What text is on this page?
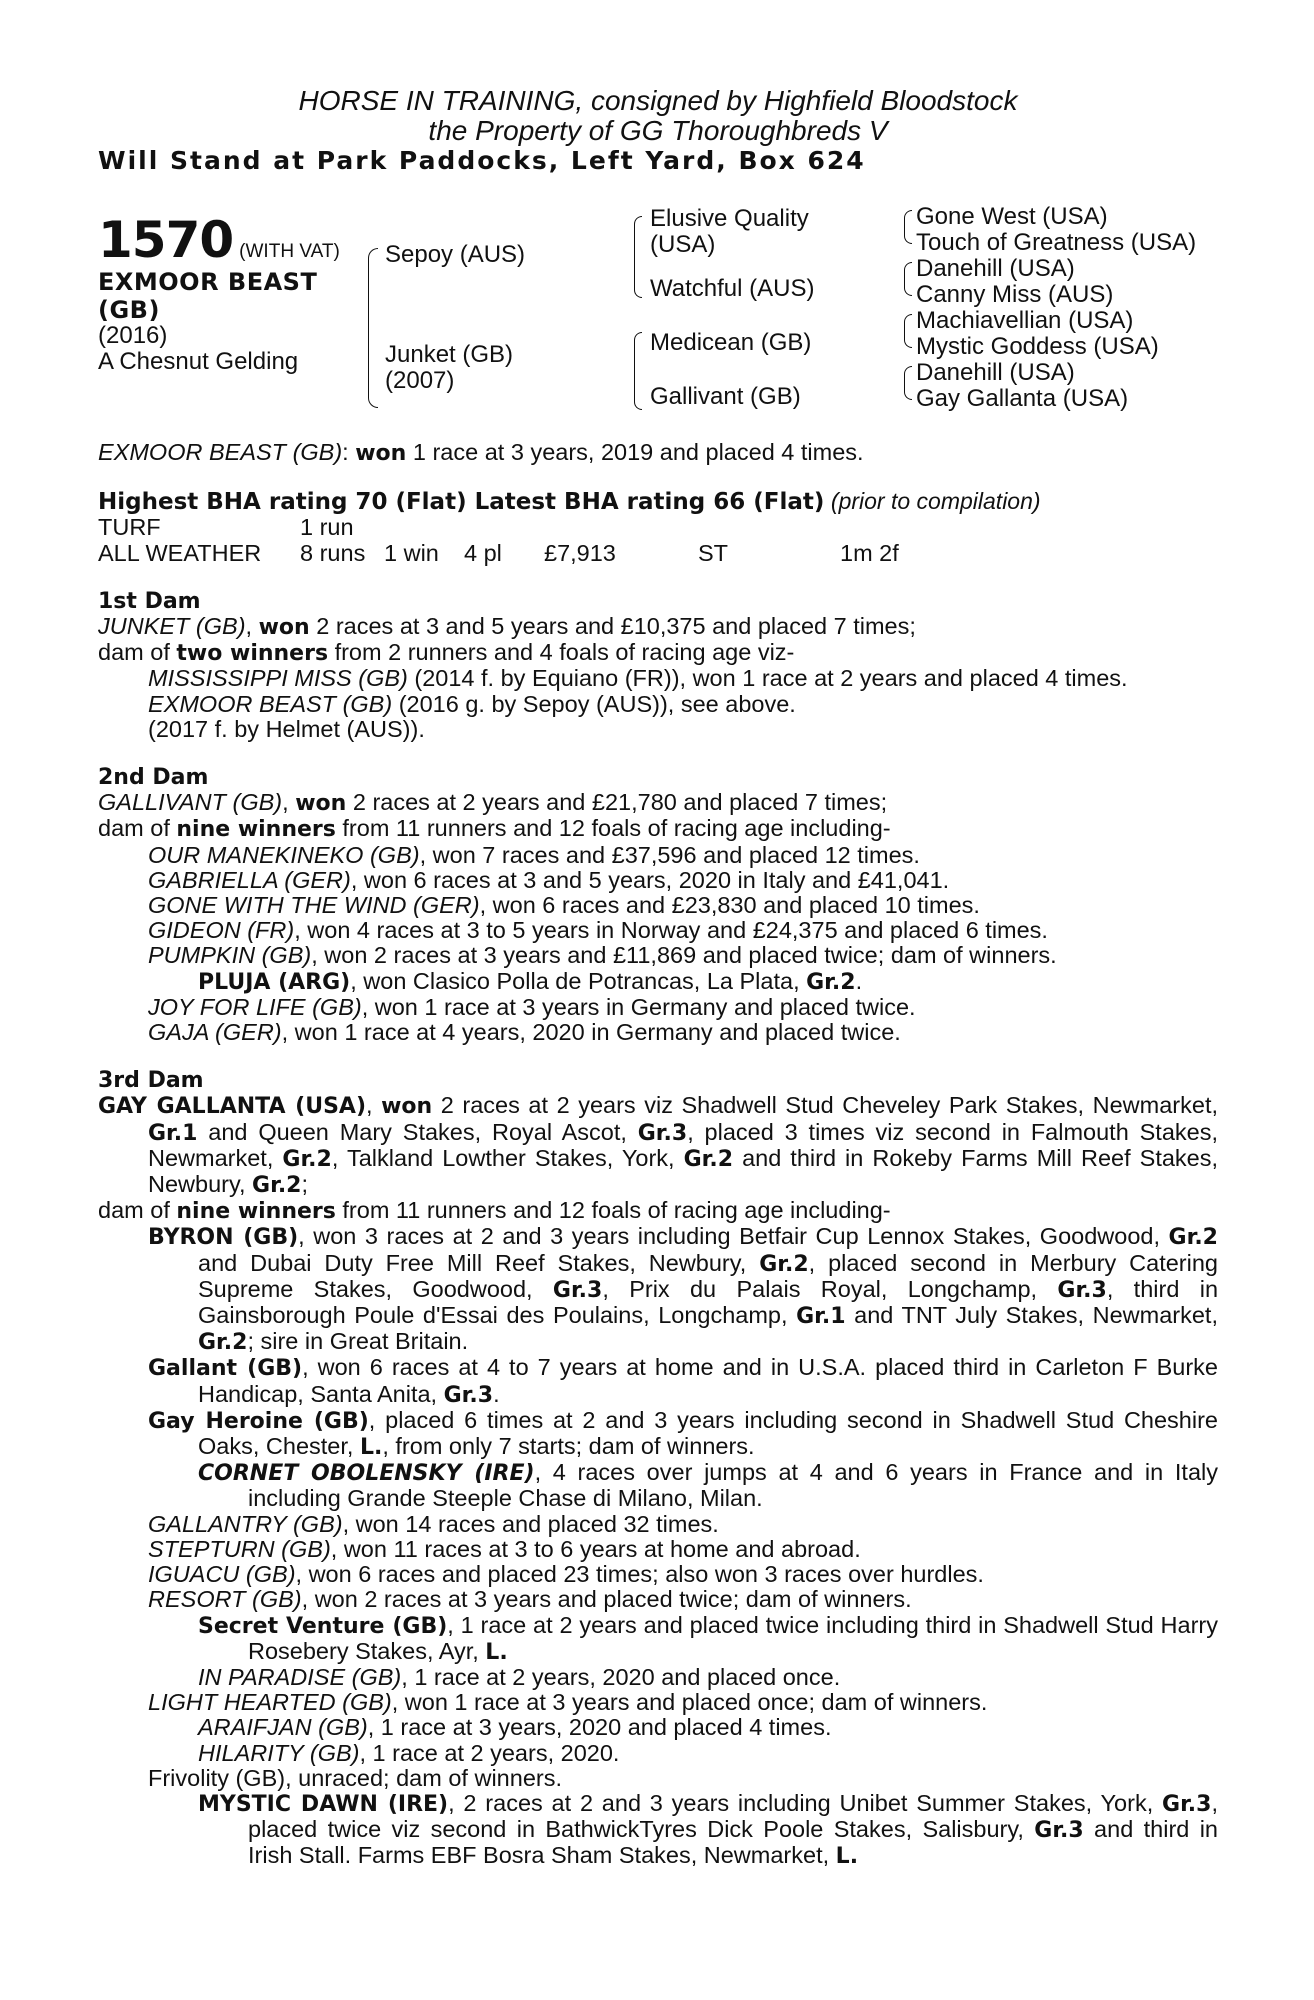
HORSE IN TRAINING, consigned by Highfield Bloodstock
the Property of GG Thoroughbreds V
Will Stand at Park Paddocks, Left Yard, Box 624
1570 (WITH VAT)
EXMOOR BEAST
(GB)
(2016)
A Chesnut Gelding
Sepoy (AUS)
Junket (GB)
(2007)
Elusive Quality
(USA)
Watchful (AUS)
Medicean (GB)
Gallivant (GB)
Gone West (USA)
Touch of Greatness (USA)
Danehill (USA)
Canny Miss (AUS)
Machiavellian (USA)
Mystic Goddess (USA)
Danehill (USA)
Gay Gallanta (USA)

EXMOOR BEAST (GB): won 1 race at 3 years, 2019 and placed 4 times.

Highest BHA rating 70 (Flat) Latest BHA rating 66 (Flat) (prior to compilation)

TURF	1 run
ALL WEATHER 8 runs 1 win 4 pl £7,913	ST	1m 2f

1st Dam

JUNKET (GB), won 2 races at 3 and 5 years and £10,375 and placed 7 times;

dam of two winners from 2 runners and 4 foals of racing age viz-

MISSISSIPPI MISS (GB) (2014 f. by Equiano (FR)), won 1 race at 2 years and placed 4 times.

EXMOOR BEAST (GB) (2016 g. by Sepoy (AUS)), see above.

(2017 f. by Helmet (AUS)).

2nd Dam

GALLIVANT (GB), won 2 races at 2 years and £21,780 and placed 7 times;

dam of nine winners from 11 runners and 12 foals of racing age including-

OUR MANEKINEKO (GB), won 7 races and £37,596 and placed 12 times.

GABRIELLA (GER), won 6 races at 3 and 5 years, 2020 in Italy and £41,041.

GONE WITH THE WIND (GER), won 6 races and £23,830 and placed 10 times.

GIDEON (FR), won 4 races at 3 to 5 years in Norway and £24,375 and placed 6 times.

PUMPKIN (GB), won 2 races at 3 years and £11,869 and placed twice; dam of winners.

PLUJA (ARG), won Clasico Polla de Potrancas, La Plata, Gr.2.

JOY FOR LIFE (GB), won 1 race at 3 years in Germany and placed twice.

GAJA (GER), won 1 race at 4 years, 2020 in Germany and placed twice.

3rd Dam

GAY GALLANTA (USA), won 2 races at 2 years viz Shadwell Stud Cheveley Park Stakes, Newmarket, Gr.1 and Queen Mary Stakes, Royal Ascot, Gr.3, placed 3 times viz second in Falmouth Stakes, Newmarket, Gr.2, Talkland Lowther Stakes, York, Gr.2 and third in Rokeby Farms Mill Reef Stakes, Newbury, Gr.2;

dam of nine winners from 11 runners and 12 foals of racing age including-

BYRON (GB), won 3 races at 2 and 3 years including Betfair Cup Lennox Stakes, Goodwood, Gr.2 and Dubai Duty Free Mill Reef Stakes, Newbury, Gr.2, placed second in Merbury Catering Supreme Stakes, Goodwood, Gr.3, Prix du Palais Royal, Longchamp, Gr.3, third in Gainsborough Poule d'Essai des Poulains, Longchamp, Gr.1 and TNT July Stakes, Newmarket, Gr.2; sire in Great Britain.

Gallant (GB), won 6 races at 4 to 7 years at home and in U.S.A. placed third in Carleton F Burke Handicap, Santa Anita, Gr.3.

Gay Heroine (GB), placed 6 times at 2 and 3 years including second in Shadwell Stud Cheshire Oaks, Chester, L., from only 7 starts; dam of winners.

CORNET OBOLENSKY (IRE), 4 races over jumps at 4 and 6 years in France and in Italy including Grande Steeple Chase di Milano, Milan.

GALLANTRY (GB), won 14 races and placed 32 times.

STEPTURN (GB), won 11 races at 3 to 6 years at home and abroad.

IGUACU (GB), won 6 races and placed 23 times; also won 3 races over hurdles.

RESORT (GB), won 2 races at 3 years and placed twice; dam of winners.

Secret Venture (GB), 1 race at 2 years and placed twice including third in Shadwell Stud Harry Rosebery Stakes, Ayr, L.

IN PARADISE (GB), 1 race at 2 years, 2020 and placed once.

LIGHT HEARTED (GB), won 1 race at 3 years and placed once; dam of winners.

ARAIFJAN (GB), 1 race at 3 years, 2020 and placed 4 times.

HILARITY (GB), 1 race at 2 years, 2020.

Frivolity (GB), unraced; dam of winners.

MYSTIC DAWN (IRE), 2 races at 2 and 3 years including Unibet Summer Stakes, York, Gr.3, placed twice viz second in BathwickTyres Dick Poole Stakes, Salisbury, Gr.3 and third in Irish Stall. Farms EBF Bosra Sham Stakes, Newmarket, L.
